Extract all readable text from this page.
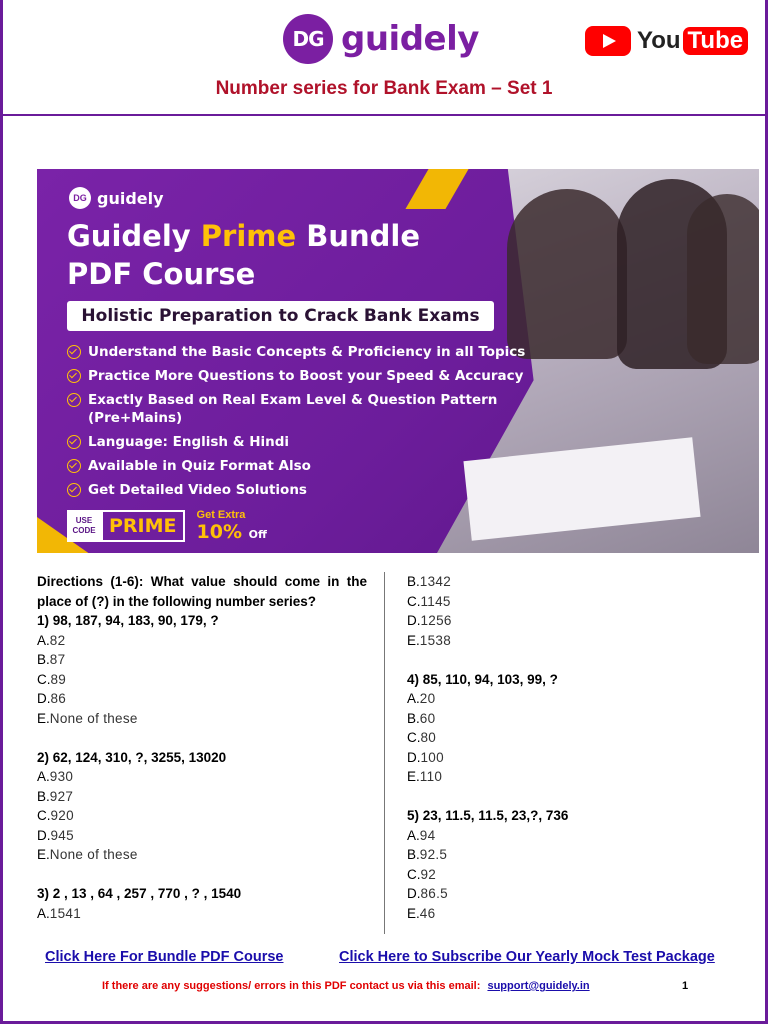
DG guidely	You Tube
Number series for Bank Exam – Set 1
DG guidely
Guidely Prime Bundle
PDF Course
Holistic Preparation to Crack Bank Exams
Understand the Basic Concepts & Proficiency in all Topics
Practice More Questions to Boost your Speed & Accuracy
Exactly Based on Real Exam Level & Question Pattern
(Pre+Mains)
Language: English & Hindi
Available in Quiz Format Also
Get Detailed Video Solutions
USE CODE PRIME	Get Extra
10% Off
Directions (1-6): What value should come in the place of (?) in the following number series?
1) 98, 187, 94, 183, 90, 179, ?
A.82
B.87
C.89
D.86
E.None of these
2) 62, 124, 310, ?, 3255, 13020
A.930
B.927
C.920
D.945
E.None of these
3) 2 , 13 , 64 , 257 , 770 , ? , 1540
A.1541
B.1342
C.1145
D.1256
E.1538
4) 85, 110, 94, 103, 99, ?
A.20
B.60
C.80
D.100
E.110
5) 23, 11.5, 11.5, 23,?, 736
A.94
B.92.5
C.92
D.86.5
E.46
Click Here For Bundle PDF Course	Click Here to Subscribe Our Yearly Mock Test Package
If there are any suggestions/ errors in this PDF contact us via this email: support@guidely.in	1
